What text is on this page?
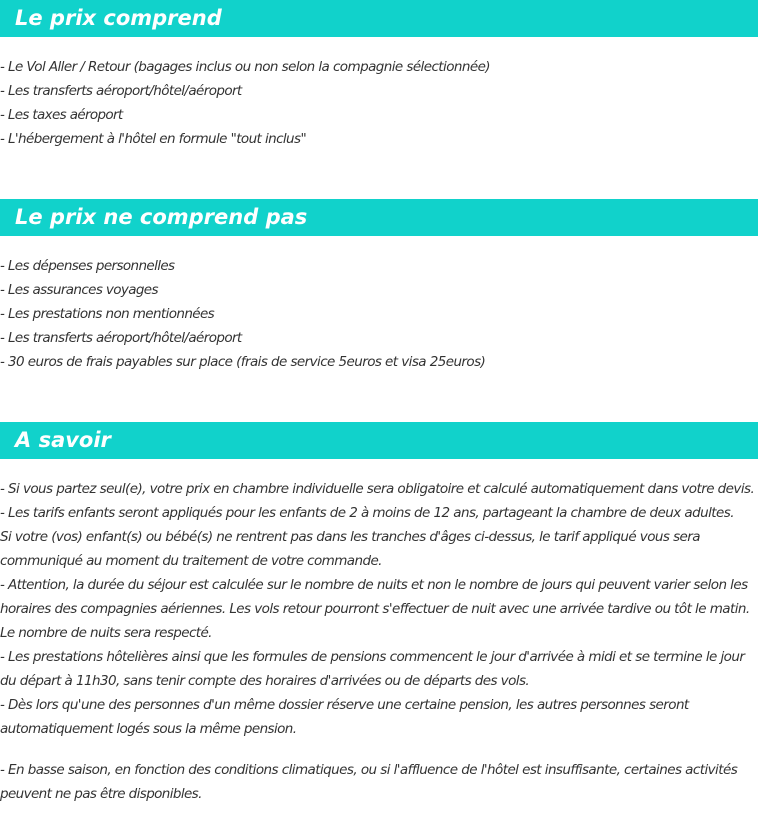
Le prix comprend
- Le Vol Aller / Retour (bagages inclus ou non selon la compagnie sélectionnée)
- Les transferts aéroport/hôtel/aéroport
- Les taxes aéroport
- L'hébergement à l'hôtel en formule "tout inclus"
Le prix ne comprend pas
- Les dépenses personnelles
- Les assurances voyages
- Les prestations non mentionnées
- Les transferts aéroport/hôtel/aéroport
- 30 euros de frais payables sur place (frais de service 5euros et visa 25euros)
A savoir
- Si vous partez seul(e), votre prix en chambre individuelle sera obligatoire et calculé automatiquement dans votre devis.
- Les tarifs enfants seront appliqués pour les enfants de 2 à moins de 12 ans, partageant la chambre de deux adultes.
Si votre (vos) enfant(s) ou bébé(s) ne rentrent pas dans les tranches d'âges ci-dessus, le tarif appliqué vous sera
communiqué au moment du traitement de votre commande.
- Attention, la durée du séjour est calculée sur le nombre de nuits et non le nombre de jours qui peuvent varier selon les
horaires des compagnies aériennes. Les vols retour pourront s'effectuer de nuit avec une arrivée tardive ou tôt le matin.
Le nombre de nuits sera respecté.
- Les prestations hôtelières ainsi que les formules de pensions commencent le jour d'arrivée à midi et se termine le jour
du départ à 11h30, sans tenir compte des horaires d'arrivées ou de départs des vols.
- Dès lors qu'une des personnes d'un même dossier réserve une certaine pension, les autres personnes seront
automatiquement logés sous la même pension.
- En basse saison, en fonction des conditions climatiques, ou si l'affluence de l'hôtel est insuffisante, certaines activités
peuvent ne pas être disponibles.
